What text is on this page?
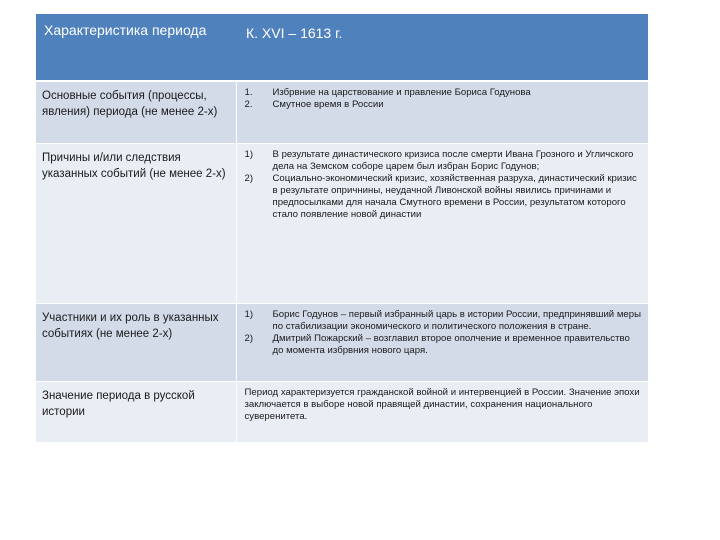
Характеристика периода	К. XVI – 1613 г.
Основные события (процессы, явления) периода (не менее 2-х)	1. Избрвние на царствование и правление Бориса Годунова
2. Смутное время в России

Причины и/или следствия указанных событий (не менее 2-х)	1) В результате династического кризиса после смерти Ивана Грозного и Угличского дела на Земском соборе царем был избран Борис Годунов;
2) Социально-экономический кризис, хозяйственная разруха, династический кризис в результате опричнины, неудачной Ливонской войны явились причинами и предпосылками для начала Смутного времени в России, результатом которого стало появление новой династии

Участники и их роль в указанных событиях (не менее 2-х)	1) Борис Годунов – первый избранный царь в истории России, предпринявший меры по стабилизации экономического и политического положения в стране.
2) Дмитрий Пожарский – возглавил второе ополчение и временное правительство до момента избрвния нового царя.

Значение периода в русской истории	Период характеризуется гражданской войной и интервенцией в России. Значение эпохи заключается в выборе новой правящей династии, сохранения национального суверенитета.
